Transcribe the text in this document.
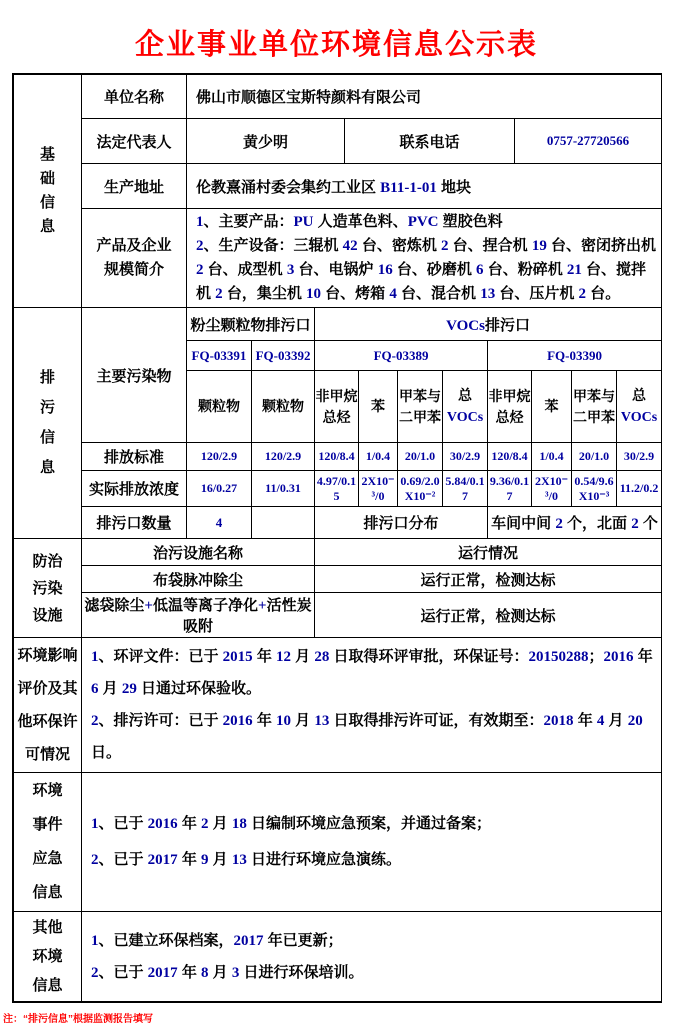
企业事业单位环境信息公示表
基础信息	单位名称	佛山市顺德区宝斯特颜料有限公司		
	法定代表人	黄少明	联系电话	0757-27720566
	生产地址	伦教熹涌村委会集约工业区 B11-1-01 地块		

	产品及企业规模简介	1、主要产品：PU 人造革色料、PVC 塑胶色料
2、生产设备：三辊机 42 台、密炼机 2 台、捏合机 19 台、密闭挤出机 2 台、成型机 3 台、电锅炉 16 台、砂磨机 6 台、粉碎机 21 台、搅拌机 2 台，集尘机 10 台、烤箱 4 台、混合机 13 台、压片机 2 台。		
排污信息	主要污染物	粉尘颗粒物排污口		VOCs排污口							
		FQ-03391	FQ-03392	FQ-03389				FQ-03390			
		颗粒物	颗粒物	非甲烷总烃	苯	甲苯与二甲苯	总VOCs	非甲烷总烃	苯	甲苯与二甲苯	总VOCs
	排放标准	120/2.9	120/2.9	120/8.4	1/0.4	20/1.0	30/2.9	120/8.4	1/0.4	20/1.0	30/2.9
	实际排放浓度	16/0.27	11/0.31	4.97/0.15	2X10⁻³/0	0.69/2.0X10⁻²	5.84/0.17	9.36/0.17	2X10⁻³/0	0.54/9.6X10⁻³	11.2/0.2
	排污口数量	4		排污口分布				车间中间 2 个，北面 2 个			
防治污染设施	治污设施名称	运行情况
	布袋脉冲除尘	运行正常，检测达标
	滤袋除尘+低温等离子净化+活性炭吸附	运行正常，检测达标
环境影响评价及其他环保许可情况

1、环评文件：已于 2015 年 12 月 28 日取得环评审批，环保证号：20150288；2016 年 6 月 29 日通过环保验收。
2、排污许可：已于 2016 年 10 月 13 日取得排污许可证，有效期至：2018 年 4 月 20 日。
环境事件应急信息

1、已于 2016 年 2 月 18 日编制环境应急预案，并通过备案；
2、已于 2017 年 9 月 13 日进行环境应急演练。
其他环境信息

1、已建立环保档案，2017 年已更新；
2、已于 2017 年 8 月 3 日进行环保培训。
注：“排污信息”根据监测报告填写
